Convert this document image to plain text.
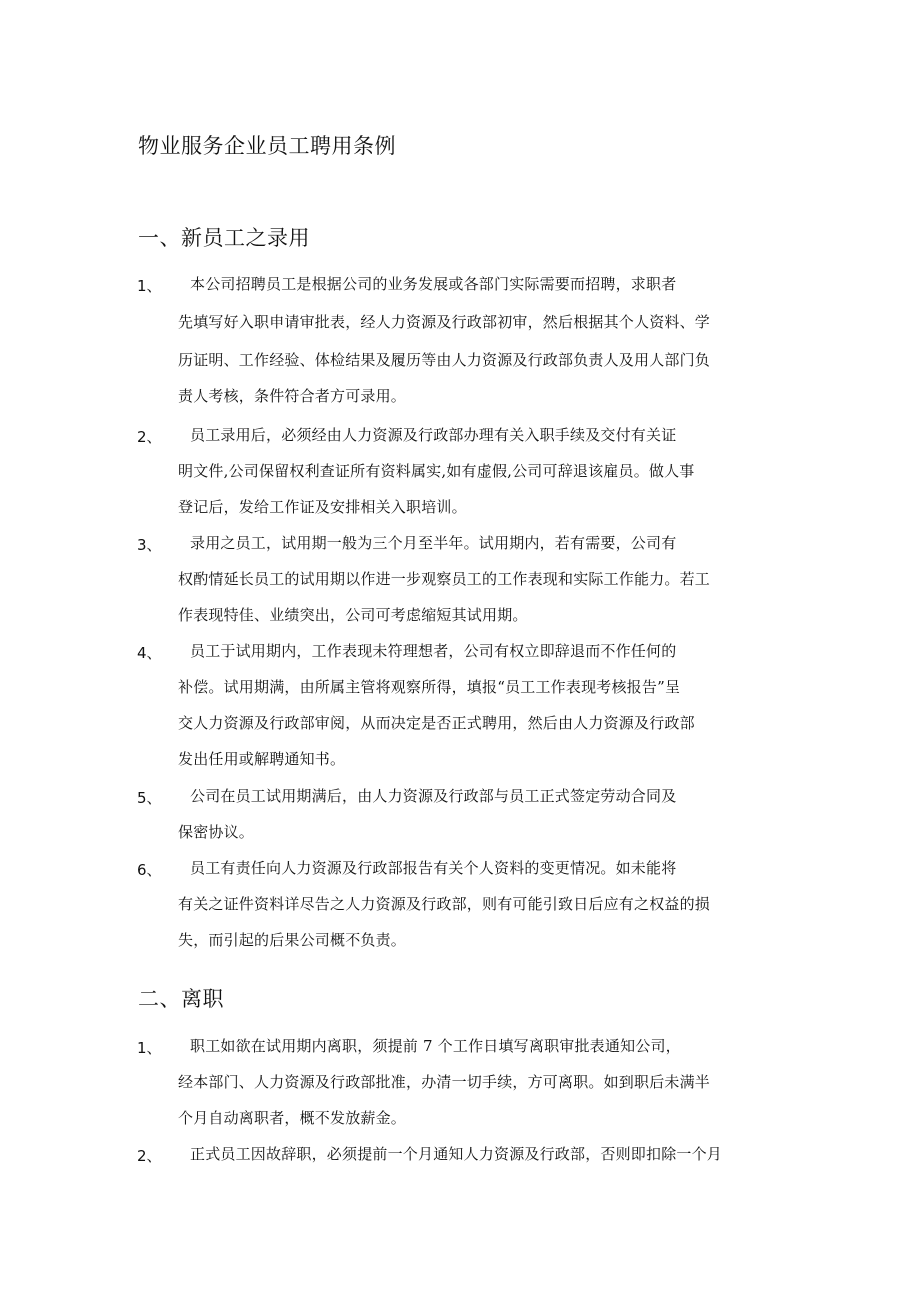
物业服务企业员工聘用条例
一、新员工之录用
1、 本公司招聘员工是根据公司的业务发展或各部门实际需要而招聘，求职者
先填写好入职申请审批表，经人力资源及行政部初审，然后根据其个人资料、学
历证明、工作经验、体检结果及履历等由人力资源及行政部负责人及用人部门负
责人考核，条件符合者方可录用。
2、 员工录用后，必须经由人力资源及行政部办理有关入职手续及交付有关证
明文件,公司保留权利查证所有资料属实,如有虚假,公司可辞退该雇员。做人事
登记后，发给工作证及安排相关入职培训。
3、 录用之员工，试用期一般为三个月至半年。试用期内，若有需要，公司有
权酌情延长员工的试用期以作进一步观察员工的工作表现和实际工作能力。若工
作表现特佳、业绩突出，公司可考虑缩短其试用期。
4、 员工于试用期内，工作表现未符理想者，公司有权立即辞退而不作任何的
补偿。试用期满，由所属主管将观察所得，填报“员工工作表现考核报告”呈
交人力资源及行政部审阅，从而决定是否正式聘用，然后由人力资源及行政部
发出任用或解聘通知书。
5、 公司在员工试用期满后，由人力资源及行政部与员工正式签定劳动合同及
保密协议。
6、 员工有责任向人力资源及行政部报告有关个人资料的变更情况。如未能将
有关之证件资料详尽告之人力资源及行政部，则有可能引致日后应有之权益的损
失，而引起的后果公司概不负责。
二、离职
1、 职工如欲在试用期内离职，须提前 7 个工作日填写离职审批表通知公司，
经本部门、人力资源及行政部批准，办清一切手续，方可离职。如到职后未满半
个月自动离职者，概不发放薪金。
2、 正式员工因故辞职，必须提前一个月通知人力资源及行政部，否则即扣除一个月
